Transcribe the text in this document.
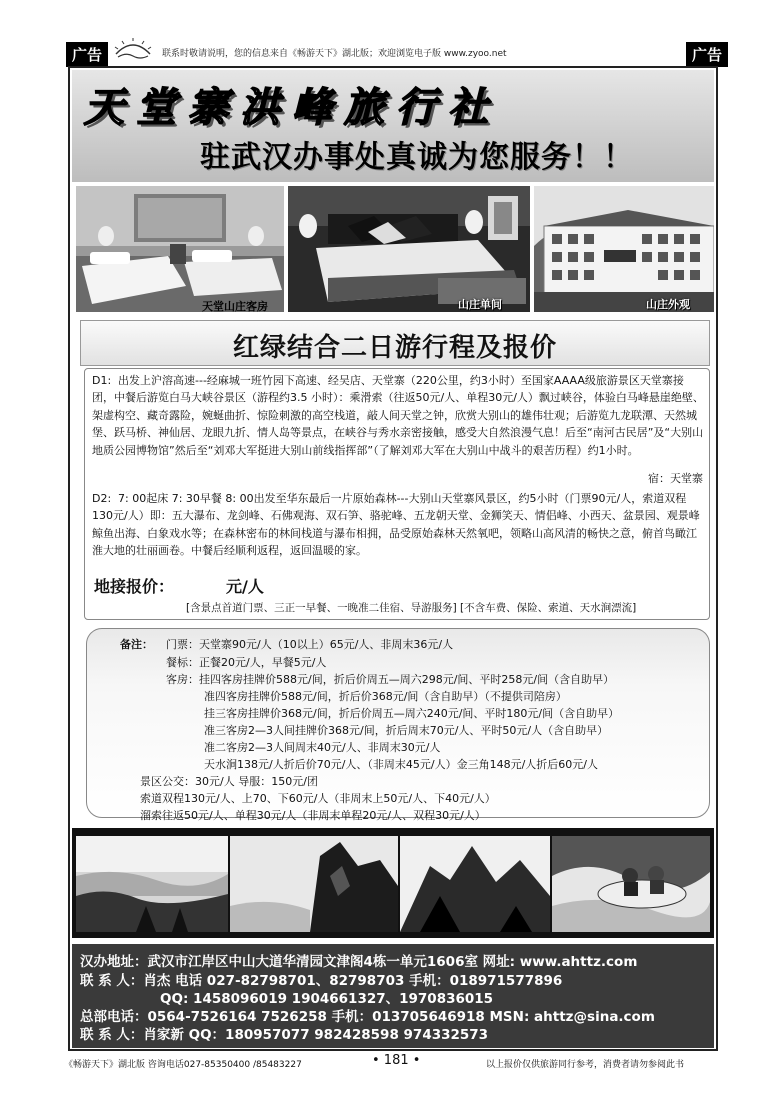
广告	广告
联系时敬请说明，您的信息来自《畅游天下》湖北版；欢迎浏览电子版 www.zyoo.net
天堂寨洪峰旅行社
驻武汉办事处真诚为您服务！！
天堂山庄客房	山庄单间	山庄外观
红绿结合二日游行程及报价
D1: 出发上沪溶高速---经麻城一班竹园下高速、经吴店、天堂寨（220公里，约3小时）至国家AAAA级旅游景区天堂寨接团，中餐后游览白马大峡谷景区（游程约3.5 小时）：乘滑索（往返50元/人、单程30元/人）飘过峡谷，体验白马峰悬崖绝壁、架虚构空、藏奇露险，婉蜒曲折、惊险刺激的高空栈道，敲人间天堂之钟，欣赏大别山的雄伟壮观；后游览九龙联潭、天然城堡、跃马桥、神仙居、龙眼九折、情人岛等景点，在峡谷与秀水亲密接触，感受大自然浪漫气息！后至“南河古民居”及“大别山地质公园博物馆”然后至“刘邓大军挺进大别山前线指挥部”（了解刘邓大军在大别山中战斗的艰苦历程）约1小时。
D2: 7: 00起床 7: 30早餐 8: 00出发至华东最后一片原始森林---大别山天堂寨风景区，约5小时（门票90元/人，索道双程130元/人）即：五大瀑布、龙剑峰、石佛观海、双石笋、骆驼峰、五龙朝天堂、金狮笑天、情侣峰、小西天、盆景园、观景峰鲸鱼出海、白象戏水等；在森林密布的林间栈道与瀑布相拥，品受原始森林天然氧吧，领略山高风清的畅快之意，俯首鸟瞰江淮大地的壮丽画卷。中餐后经顺利返程，返回温暖的家。
宿：天堂寨
地接报价：	元/人
[含景点首道门票、三正一早餐、一晚准二佳宿、导游服务] [不含车费、保险、索道、天水涧漂流]
备注： 门票：天堂寨90元/人（10以上）65元/人、非周末36元/人
餐标：正餐20元/人，早餐5元/人
客房：挂四客房挂牌价588元/间，折后价周五—周六298元/间、平时258元/间（含自助早）
准四客房挂牌价588元/间，折后价368元/间（含自助早）（不提供司陪房）
挂三客房挂牌价368元/间，折后价周五—周六240元/间、平时180元/间（含自助早）
准三客房2—3人间挂牌价368元/间，折后周末70元/人、平时50元/人（含自助早）
准二客房2—3人间周末40元/人、非周末30元/人
天水涧138元/人折后价70元/人、（非周末45元/人）金三角148元/人折后60元/人
景区公交：30元/人 导服：150元/团
索道双程130元/人、上70、下60元/人（非周末上50元/人、下40元/人）
溜索往返50元/人、单程30元/人（非周末单程20元/人、双程30元/人）
汉办地址：武汉市江岸区中山大道华清园文津阁4栋一单元1606室 网址: www.ahttz.com
联 系 人：肖杰 电话 027-82798701、82798703 手机：018971577896
QQ: 1458096019 1904661327、1970836015
总部电话：0564-7526164 7526258 手机：013705646918 MSN: ahttz@sina.com
联 系 人：肖家新 QQ：180957077 982428598 974332573
《畅游天下》湖北版 咨询电话027-85350400 /85483227	• 181 •	以上报价仅供旅游同行参考，消费者请勿参阅此书
